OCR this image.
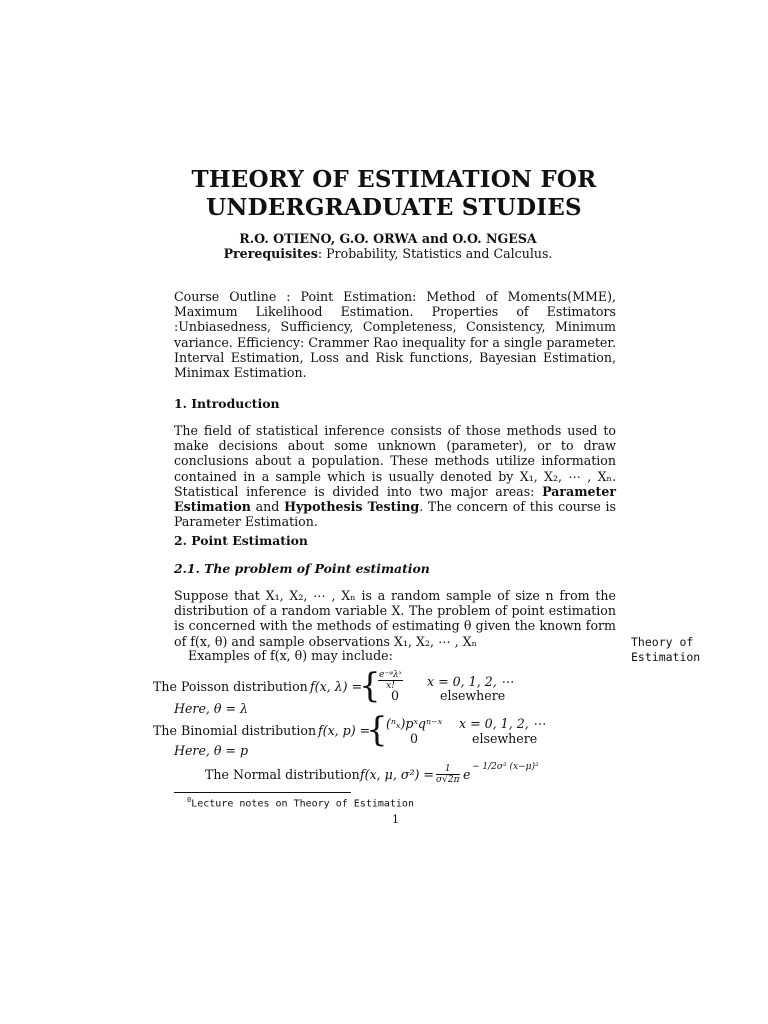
THEORY OF ESTIMATION FOR
UNDERGRADUATE STUDIES
R.O. OTIENO, G.O. ORWA and O.O. NGESA
Prerequisites: Probability, Statistics and Calculus.
Course Outline : Point Estimation: Method of Moments(MME), Maximum Likelihood Estimation. Properties of Estimators :Unbiasedness, Sufficiency, Completeness, Consistency, Minimum variance. Efficiency: Crammer Rao inequality for a single parameter. Interval Estimation, Loss and Risk functions, Bayesian Estimation, Minimax Estimation.
1. Introduction
The field of statistical inference consists of those methods used to make decisions about some unknown (parameter), or to draw conclusions about a population. These methods utilize information contained in a sample which is usually denoted by X₁, X₂, ⋯ , Xₙ. Statistical inference is divided into two major areas: Parameter Estimation and Hypothesis Testing. The concern of this course is Parameter Estimation.
2. Point Estimation
2.1. The problem of Point estimation
Suppose that X₁, X₂, ⋯ , Xₙ is a random sample of size n from the distribution of a random variable X. The problem of point estimation is concerned with the methods of estimating θ given the known form of f(x, θ) and sample observations X₁, X₂, ⋯ , Xₙ
Examples of f(x, θ) may include:
Theory of
Estimation
The Poisson distribution f(x, λ) =
{
e⁻ᵠλˣ
x!	x = 0, 1, 2, ⋯
0	elsewhere
Here, θ = λ
The Binomial distribution f(x, p) =
{
(ⁿₓ)pˣqⁿ⁻ˣ x = 0, 1, 2, ⋯
0	elsewhere
Here, θ = p
The Normal distribution f(x, μ, $\sigma^2) = \frac{1}{\sigma√2\pi}$ e − 1/2σ² (x−μ)²
$^0$Lecture notes on Theory of Estimation
1
